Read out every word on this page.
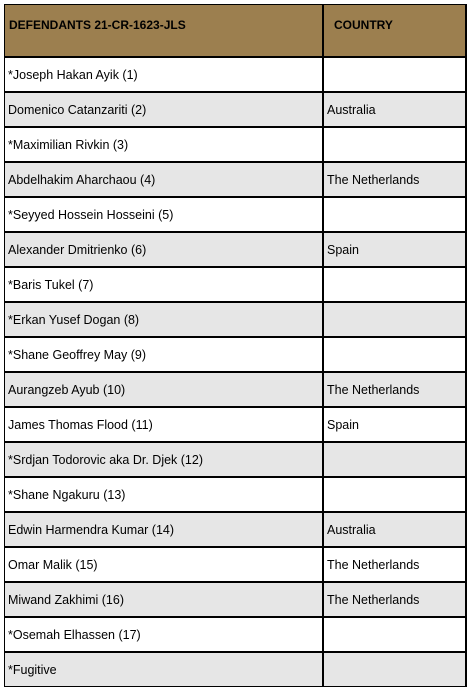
DEFENDANTS 21-CR-1623-JLS	COUNTRY
*Joseph Hakan Ayik (1)
Domenico Catanzariti (2)	Australia
*Maximilian Rivkin (3)
Abdelhakim Aharchaou (4)	The Netherlands
*Seyyed Hossein Hosseini (5)
Alexander Dmitrienko (6)	Spain
*Baris Tukel (7)
*Erkan Yusef Dogan (8)
*Shane Geoffrey May (9)
Aurangzeb Ayub (10)	The Netherlands
James Thomas Flood (11)	Spain
*Srdjan Todorovic aka Dr. Djek (12)
*Shane Ngakuru (13)
Edwin Harmendra Kumar (14)	Australia
Omar Malik (15)	The Netherlands
Miwand Zakhimi (16)	The Netherlands
*Osemah Elhassen (17)
*Fugitive
